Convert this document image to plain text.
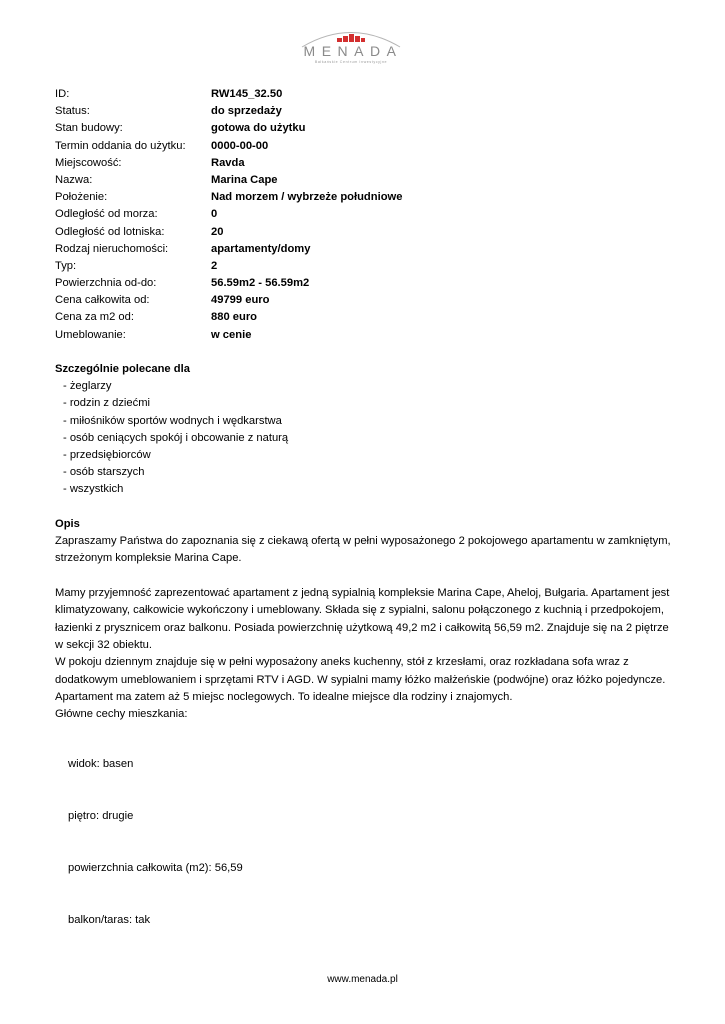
MENADA
Bałkańskie Centrum Inwestycyjne
ID:	RW145_32.50
Status:	do sprzedaży
Stan budowy:	gotowa do użytku
Termin oddania do użytku: 0000-00-00
Miejscowość:	Ravda
Nazwa:	Marina Cape
Położenie:	Nad morzem / wybrzeże południowe
Odległość od morza:	0
Odległość od lotniska:	20
Rodzaj nieruchomości:	apartamenty/domy
Typ:	2
Powierzchnia od-do:	56.59m2 - 56.59m2
Cena całkowita od:	49799 euro
Cena za m2 od:	880 euro
Umeblowanie:	w cenie
Szczególnie polecane dla
- żeglarzy
- rodzin z dziećmi
- miłośników sportów wodnych i wędkarstwa
- osób ceniących spokój i obcowanie z naturą
- przedsiębiorców
- osób starszych
- wszystkich
Opis

Zapraszamy Państwa do zapoznania się z ciekawą ofertą w pełni wyposażonego 2 pokojowego apartamentu w zamkniętym, strzeżonym kompleksie Marina Cape.

Mamy przyjemność zaprezentować apartament z jedną sypialnią kompleksie Marina Cape, Aheloj, Bułgaria. Apartament jest klimatyzowany, całkowicie wykończony i umeblowany. Składa się z sypialni, salonu połączonego z kuchnią i przedpokojem, łazienki z prysznicem oraz balkonu. Posiada powierzchnię użytkową 49,2 m2 i całkowitą 56,59 m2. Znajduje się na 2 piętrze w sekcji 32 obiektu.

W pokoju dziennym znajduje się w pełni wyposażony aneks kuchenny, stół z krzesłami, oraz rozkładana sofa wraz z dodatkowym umeblowaniem i sprzętami RTV i AGD. W sypialni mamy łóżko małżeńskie (podwójne) oraz łóżko pojedyncze. Apartament ma zatem aż 5 miejsc noclegowych. To idealne miejsce dla rodziny i znajomych.

Główne cechy mieszkania:

widok: basen
piętro: drugie
powierzchnia całkowita (m2): 56,59
balkon/taras: tak
www.menada.pl
